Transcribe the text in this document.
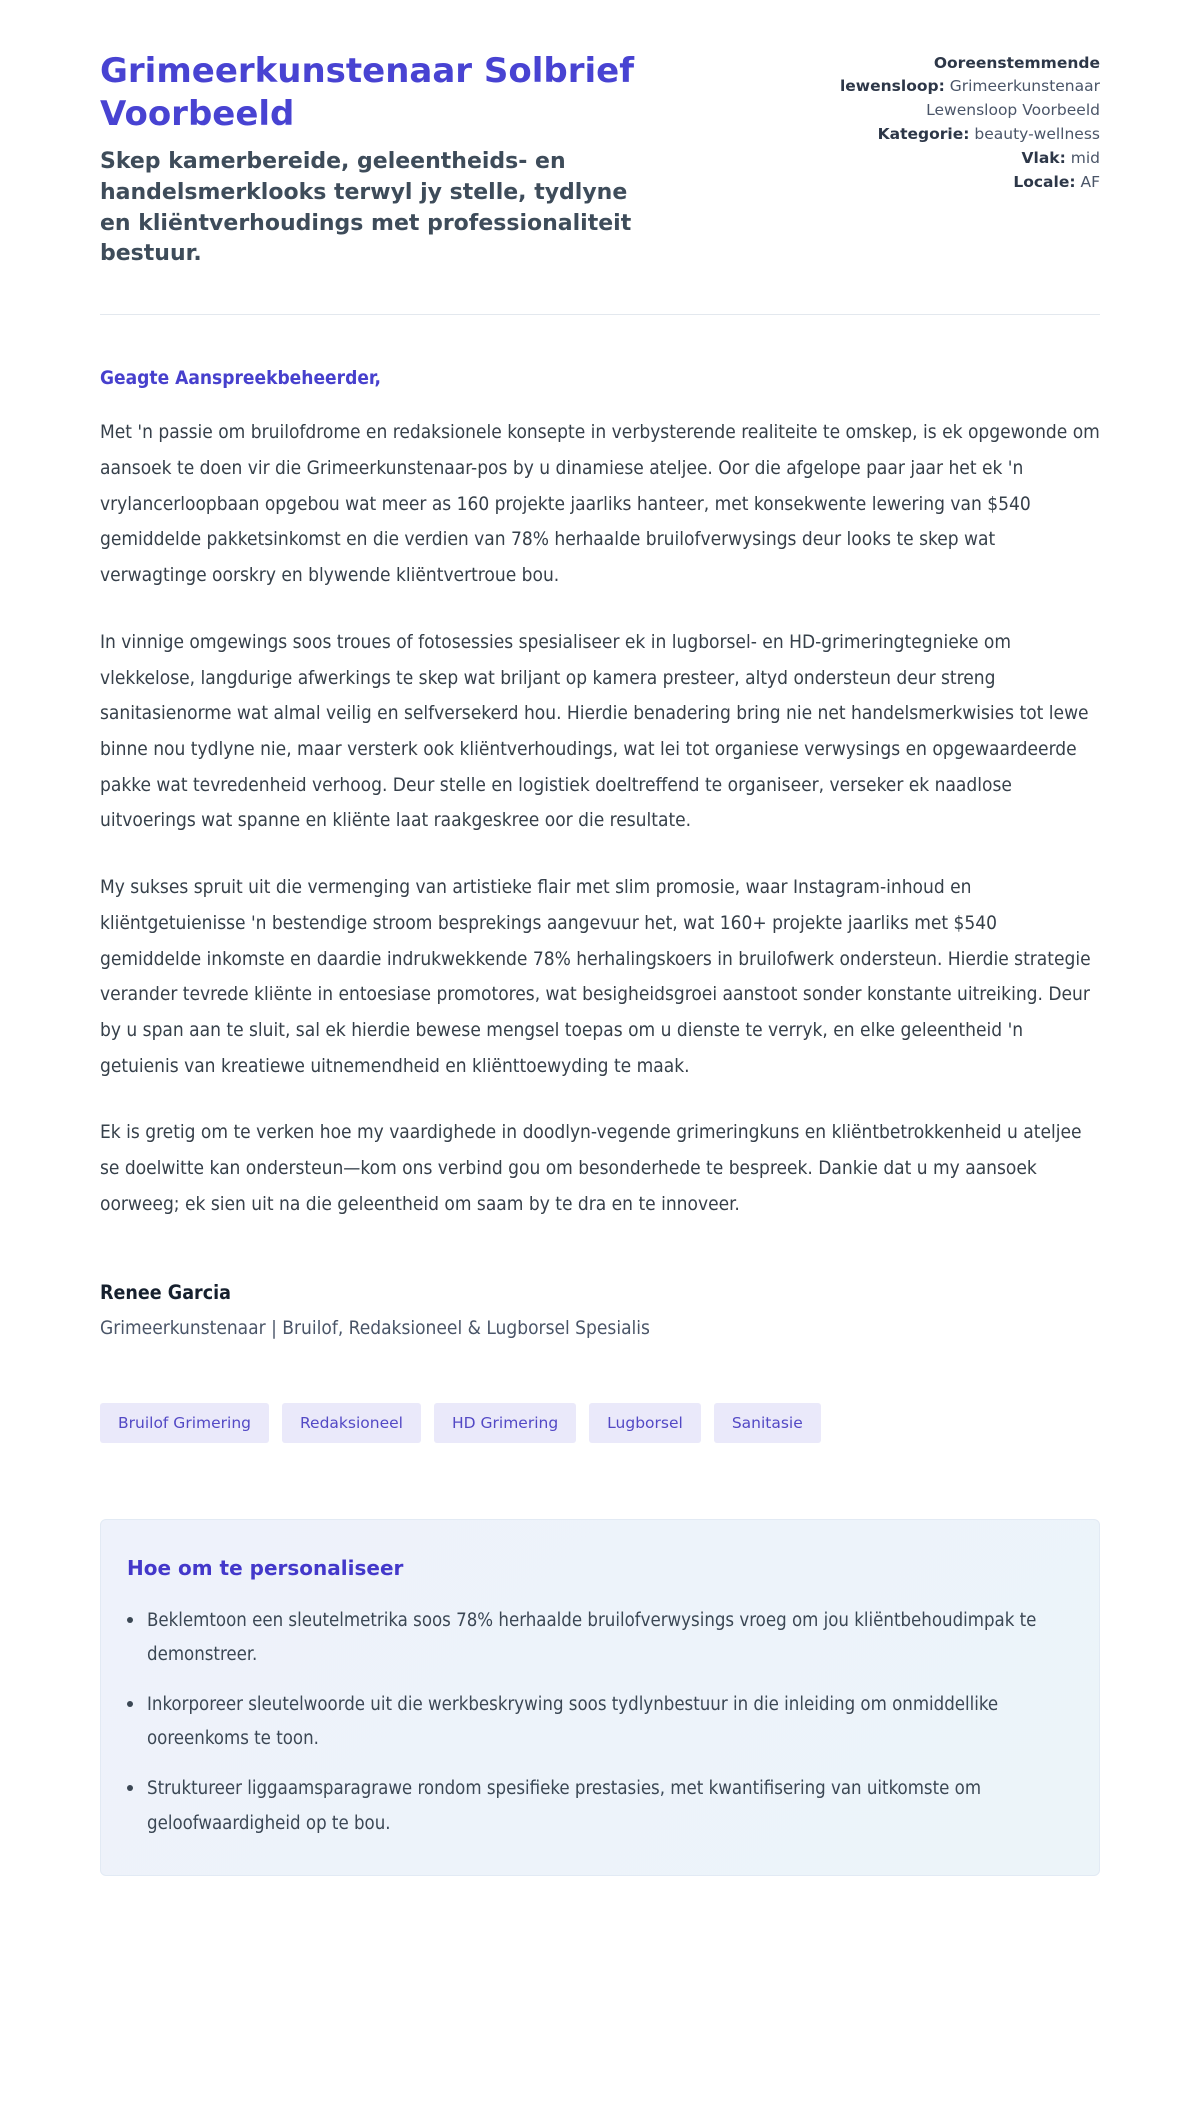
Grimeerkunstenaar Solbrief Voorbeeld
Skep kamerbereide, geleentheids- en handelsmerklooks terwyl jy stelle, tydlyne en kliëntverhoudings met professionaliteit bestuur.
Ooreenstemmende lewensloop: Grimeerkunstenaar Lewensloop Voorbeeld
Kategorie: beauty-wellness
Vlak: mid
Locale: AF
Geagte Aanspreekbeheerder,

Met 'n passie om bruilofdrome en redaksionele konsepte in verbysterende realiteite te omskep, is ek opgewonde om aansoek te doen vir die Grimeerkunstenaar-pos by u dinamiese ateljee. Oor die afgelope paar jaar het ek 'n vrylancerloopbaan opgebou wat meer as 160 projekte jaarliks hanteer, met konsekwente lewering van $540 gemiddelde pakketsinkomst en die verdien van 78% herhaalde bruilofverwysings deur looks te skep wat verwagtinge oorskry en blywende kliëntvertroue bou.

In vinnige omgewings soos troues of fotosessies spesialiseer ek in lugborsel- en HD-grimeringtegnieke om vlekkelose, langdurige afwerkings te skep wat briljant op kamera presteer, altyd ondersteun deur streng sanitasienorme wat almal veilig en selfversekerd hou. Hierdie benadering bring nie net handelsmerkwisies tot lewe binne nou tydlyne nie, maar versterk ook kliëntverhoudings, wat lei tot organiese verwysings en opgewaardeerde pakke wat tevredenheid verhoog. Deur stelle en logistiek doeltreffend te organiseer, verseker ek naadlose uitvoerings wat spanne en kliënte laat raakgeskree oor die resultate.

My sukses spruit uit die vermenging van artistieke flair met slim promosie, waar Instagram-inhoud en kliëntgetuienisse 'n bestendige stroom besprekings aangevuur het, wat 160+ projekte jaarliks met $540 gemiddelde inkomste en daardie indrukwekkende 78% herhalingskoers in bruilofwerk ondersteun. Hierdie strategie verander tevrede kliënte in entoesiase promotores, wat besigheidsgroei aanstoot sonder konstante uitreiking. Deur by u span aan te sluit, sal ek hierdie bewese mengsel toepas om u dienste te verryk, en elke geleentheid 'n getuienis van kreatiewe uitnemendheid en kliënttoewyding te maak.

Ek is gretig om te verken hoe my vaardighede in doodlyn-vegende grimeringkuns en kliëntbetrokkenheid u ateljee se doelwitte kan ondersteun—kom ons verbind gou om besonderhede te bespreek. Dankie dat u my aansoek oorweeg; ek sien uit na die geleentheid om saam by te dra en te innoveer.

Renee Garcia
Grimeerkunstenaar | Bruilof, Redaksioneel & Lugborsel Spesialis
Bruilof Grimering	Redaksioneel	HD Grimering	Lugborsel	Sanitasie
Hoe om te personaliseer
Beklemtoon een sleutelmetrika soos 78% herhaalde bruilofverwysings vroeg om jou kliëntbehoudimpak te demonstreer.
Inkorporeer sleutelwoorde uit die werkbeskrywing soos tydlynbestuur in die inleiding om onmiddellike ooreenkoms te toon.
Struktureer liggaamsparagrawe rondom spesifieke prestasies, met kwantifisering van uitkomste om geloofwaardigheid op te bou.
